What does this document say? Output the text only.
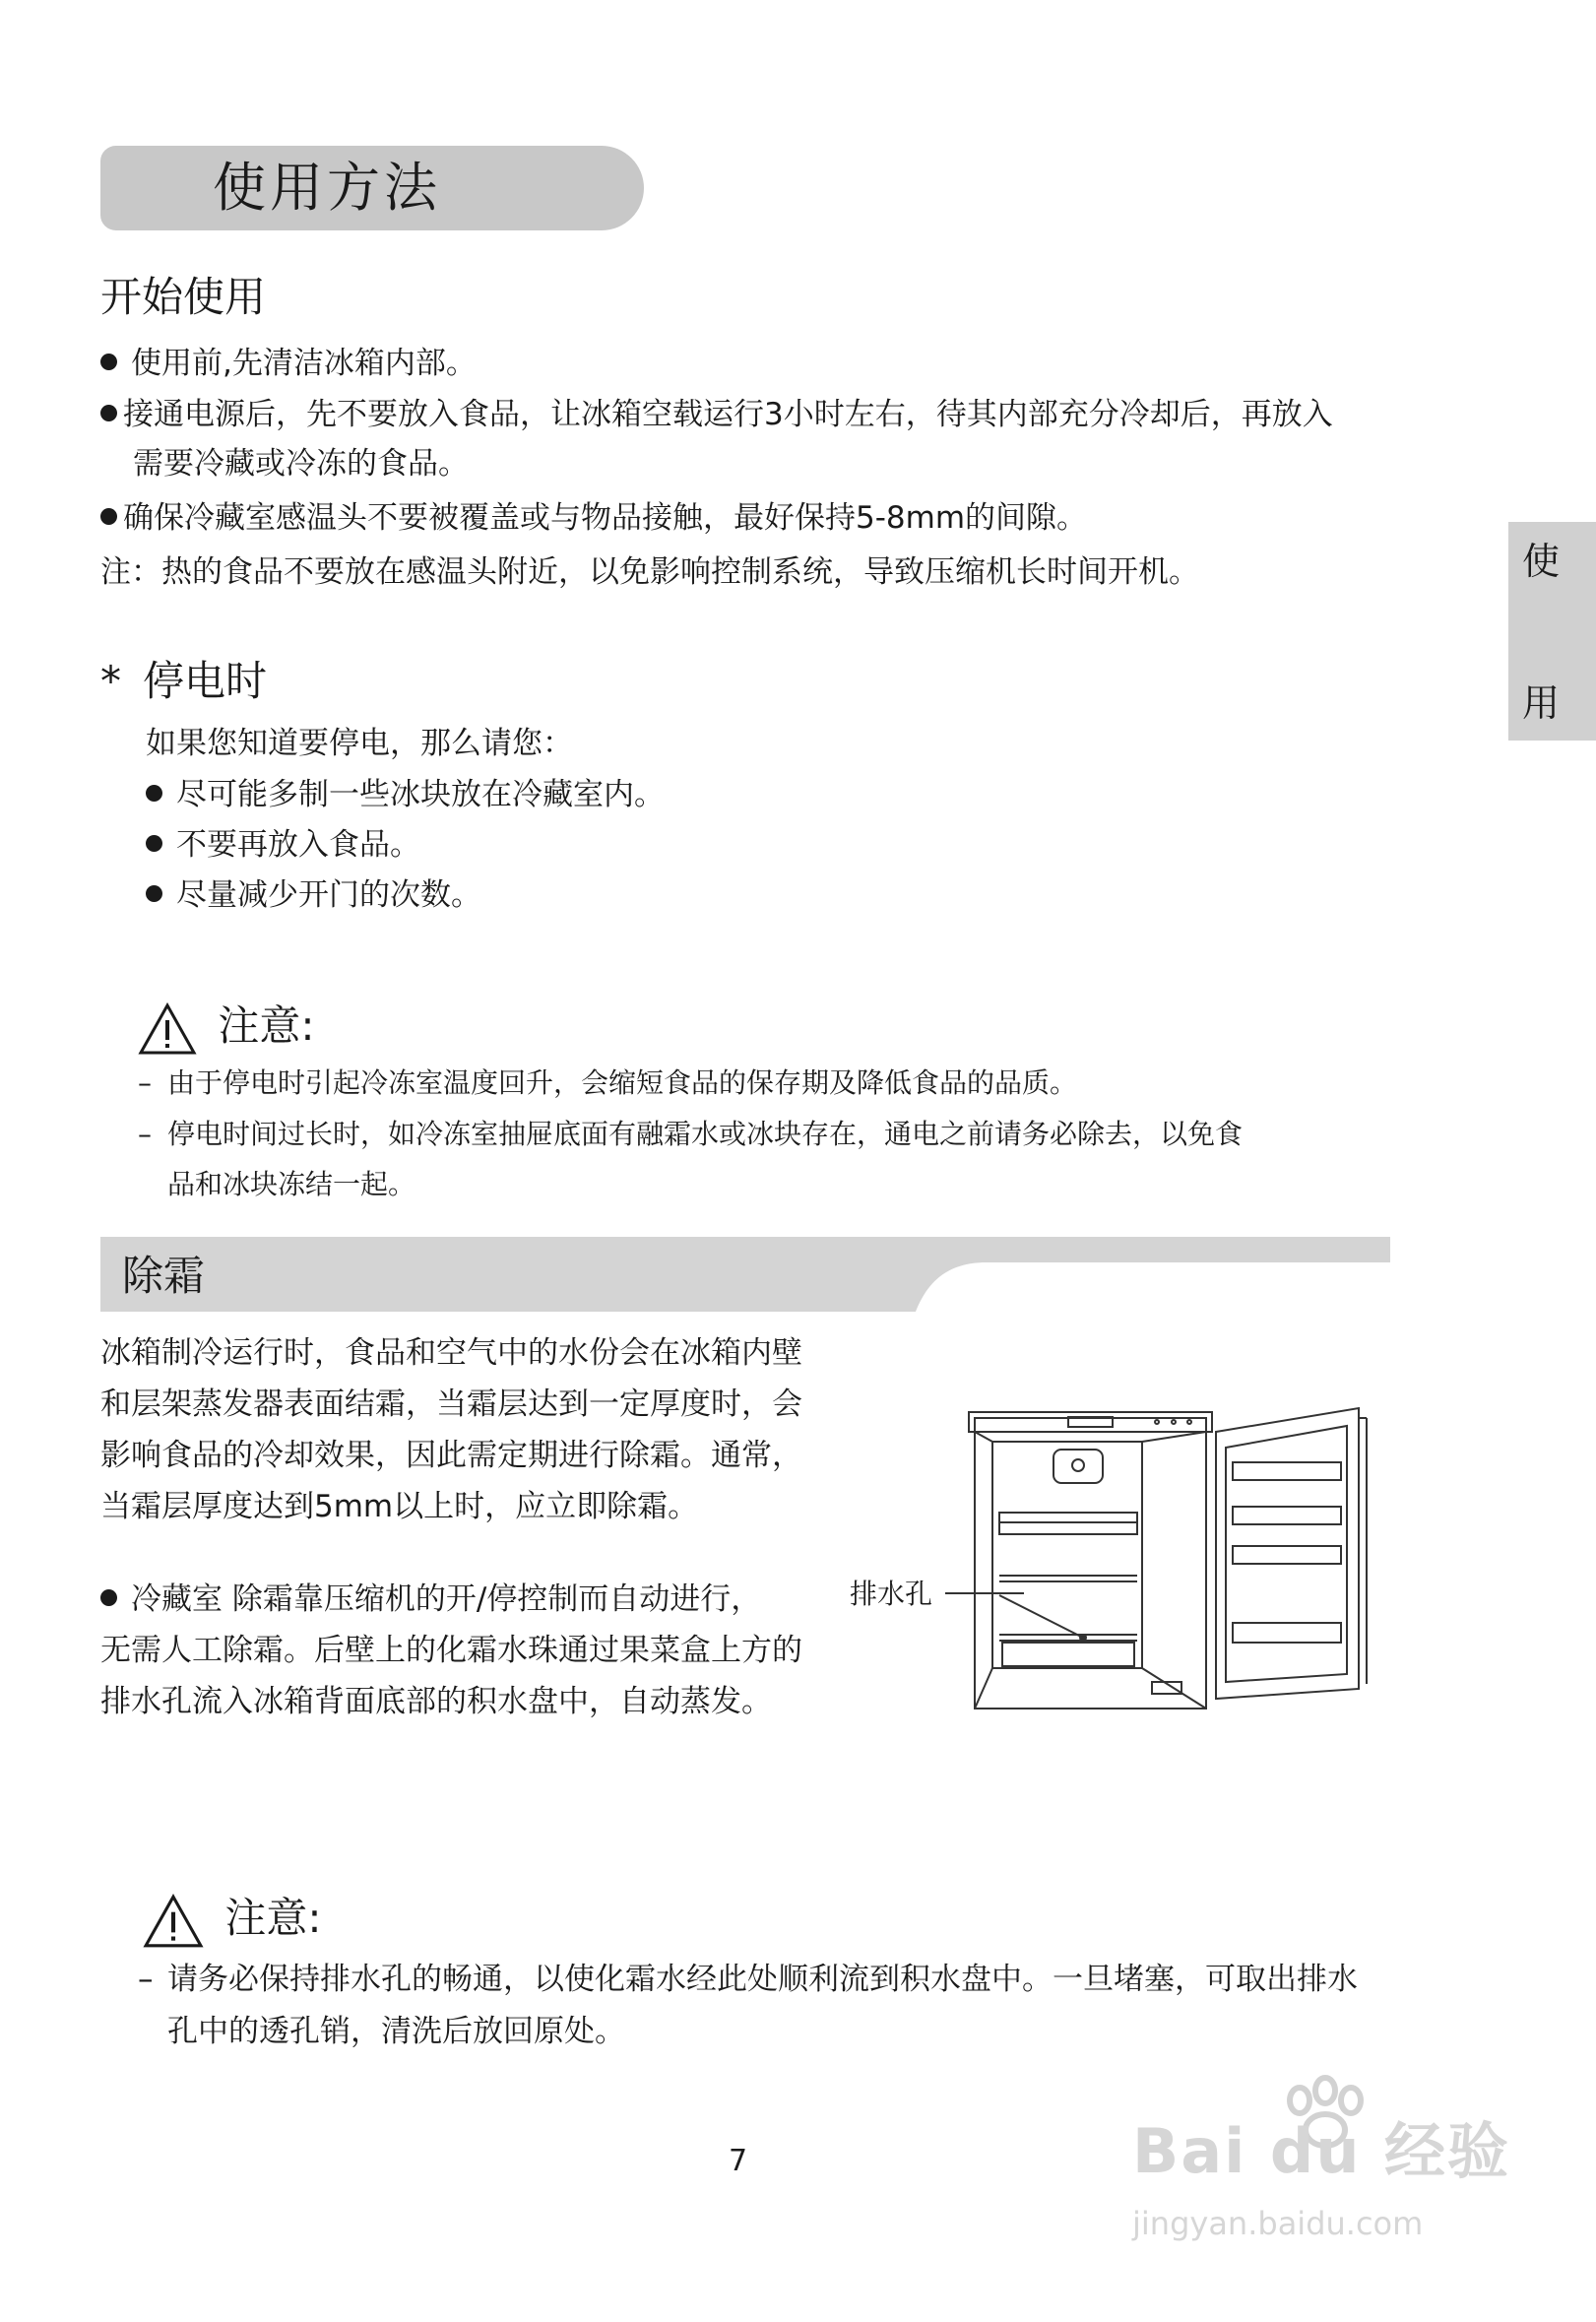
使用方法
使
用
开始使用
使用前,先清洁冰箱内部。
接通电源后，先不要放入食品，让冰箱空载运行3小时左右，待其内部充分冷却后，再放入
需要冷藏或冷冻的食品。
确保冷藏室感温头不要被覆盖或与物品接触，最好保持5-8mm的间隙。
注：热的食品不要放在感温头附近，以免影响控制系统，导致压缩机长时间开机。
* 停电时
如果您知道要停电，那么请您：
尽可能多制一些冰块放在冷藏室内。
不要再放入食品。
尽量减少开门的次数。
注意:
– 由于停电时引起冷冻室温度回升，会缩短食品的保存期及降低食品的品质。
– 停电时间过长时，如冷冻室抽屉底面有融霜水或冰块存在，通电之前请务必除去，以免食
品和冰块冻结一起。
除霜
冰箱制冷运行时，食品和空气中的水份会在冰箱内壁
和层架蒸发器表面结霜，当霜层达到一定厚度时，会
影响食品的冷却效果，因此需定期进行除霜。通常，
当霜层厚度达到5mm以上时，应立即除霜。
冷藏室 除霜靠压缩机的开/停控制而自动进行，
无需人工除霜。后壁上的化霜水珠通过果菜盒上方的
排水孔流入冰箱背面底部的积水盘中，自动蒸发。
排水孔
注意:
– 请务必保持排水孔的畅通，以使化霜水经此处顺利流到积水盘中。一旦堵塞，可取出排水
孔中的透孔销，清洗后放回原处。
7	Bai du 经验
jingyan.baidu.com
